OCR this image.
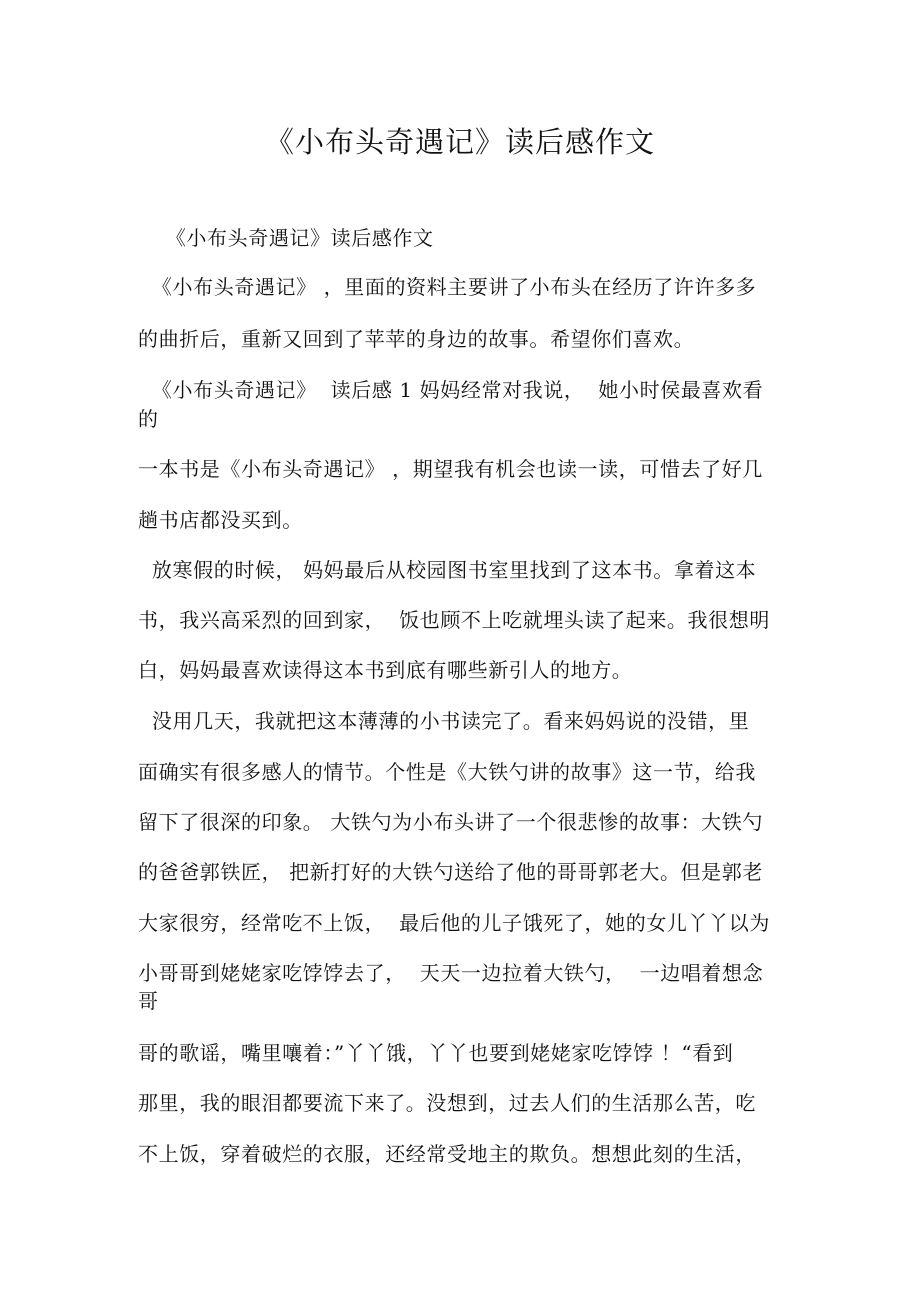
《小布头奇遇记》读后感作文
《小布头奇遇记》读后感作文
《小布头奇遇记》 ，里面的资料主要讲了小布头在经历了许许多多
的曲折后，重新又回到了苹苹的身边的故事。希望你们喜欢。
《小布头奇遇记》  读后感 1 妈妈经常对我说，  她小时侯最喜欢看
的
一本书是《小布头奇遇记》 ，期望我有机会也读一读，可惜去了好几
趟书店都没买到。
放寒假的时候， 妈妈最后从校园图书室里找到了这本书。拿着这本
书，我兴高采烈的回到家，  饭也顾不上吃就埋头读了起来。我很想明
白，妈妈最喜欢读得这本书到底有哪些新引人的地方。
没用几天，我就把这本薄薄的小书读完了。看来妈妈说的没错，里
面确实有很多感人的情节。个性是《大铁勺讲的故事》这一节，给我
留下了很深的印象。 大铁勺为小布头讲了一个很悲惨的故事：大铁勺
的爸爸郭铁匠， 把新打好的大铁勺送给了他的哥哥郭老大。但是郭老
大家很穷，经常吃不上饭，  最后他的儿子饿死了，她的女儿丫丫以为
小哥哥到姥姥家吃饽饽去了，  天天一边拉着大铁勺，  一边唱着想念
哥
哥的歌谣，嘴里嚷着：”丫丫饿，丫丫也要到姥姥家吃饽饽 ！“看到
那里，我的眼泪都要流下来了。没想到，过去人们的生活那么苦，吃
不上饭，穿着破烂的衣服，还经常受地主的欺负。想想此刻的生活，
